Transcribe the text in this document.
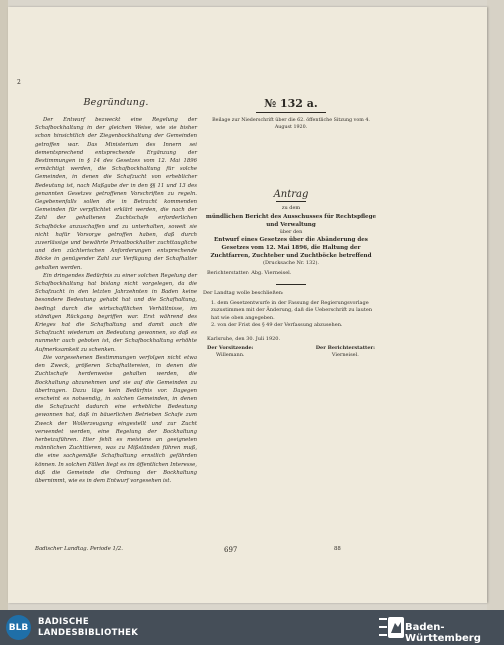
2
Begründung.

Der Entwurf bezweckt eine Regelung der Schafbockhaltung in der gleichen Weise, wie sie bisher schon hinsichtlich der Ziegenbockhaltung der Gemeinden getroffen war. Das Ministerium des Innern sei dementsprechend entsprechende Ergänzung der Bestimmungen in § 14 des Gesetzes vom 12. Mai 1896 ermächtigt werden, die Schafbockhaltung für solche Gemeinden, in denen die Schafzucht von erheblicher Bedeutung ist, nach Maßgabe der in den §§ 11 und 13 des genannten Gesetzes getroffenen Vorschriften zu regeln. Gegebenenfalls sollen die in Betracht kommenden Gemeinden für verpflichtet erklärt werden, die nach der Zahl der gehaltenen Zuchtschafe erforderlichen Schafböcke anzuschaffen und zu unterhalten, soweit sie nicht hafür Vorsorge getroffen haben, daß durch zuverlässige und bewährte Privatbockhalter zuchttaugliche und den züchterischen Anforderungen entsprechende Böcke in genügender Zahl zur Verfügung der Schafhalter gehalten werden.

Ein dringendes Bedürfnis zu einer solchen Regelung der Schafbockhaltung hat bislang nicht vorgelegen, da die Schafzucht in den letzten Jahrzehnten in Baden keine besondere Bedeutung gehabt hat und die Schafhaltung, bedingt durch die wirtschaftlichen Verhältnisse, im ständigen Rückgang begriffen war. Erst während des Krieges hat die Schafhaltung und damit auch die Schafzucht wiederum an Bedeutung gewonnen, so daß es nunmehr auch geboten ist, der Schafbockhaltung erhöhte Aufmerksamkeit zu schenken.

Die vorgesehenen Bestimmungen verfolgen nicht etwa den Zweck, größeren Schafhaltereien, in denen die Zuchtschafe herdenweise gehalten werden, die Bockhaltung abzunehmen und sie auf die Gemeinden zu übertragen. Dazu läge kein Bedürfnis vor. Dagegen erscheint es notwendig, in solchen Gemeinden, in denen die Schafzucht dadurch eine erhebliche Bedeutung gewonnen hat, daß in bäuerlichen Betrieben Schafe zum Zweck der Wollerzeugung eingestellt und zur Zucht verwendet werden, eine Regelung der Bockhaltung herbeizuführen. Hier fehlt es meistens an geeigneten männlichen Zuchttieren, was zu Mißständen führen muß, die eine sachgemäße Schafhaltung ernstlich gefährden können. In solchen Fällen liegt es im öffentlichen Interesse, daß die Gemeinde die Ordnung der Bockhaltung übernimmt, wie es in dem Entwurf vorgesehen ist.

№ 132 a.

Beilage zur Niederschrift über die 62. öffentliche Sitzung vom 4. August 1920.

Antrag

zu dem

mündlichen Bericht des Ausschusses für Rechtspflege und Verwaltung

über den

Entwurf eines Gesetzes über die Abänderung des Gesetzes vom 12. Mai 1896, die Haltung der Zuchtfarren, Zuchteber und Zuchtböcke betreffend

(Drucksache Nr. 132).

Berichterstatter: Abg. Vierneisel.

Der Landtag wolle beschließen:

1. dem Gesetzentwurfe in der Fassung der Regierungsvorlage zuzustimmen mit der Änderung, daß die Ueberschrift zu lauten hat wie oben angegeben.

2. von der Frist des § 49 der Verfassung abzusehen.

Karlsruhe, den 30. Juli 1920.

Der Vorsitzende:
Willemann.
Der Berichterstatter:
Vierneisel.
Badischer Landtag. Periode 1/2.	697	88
BLB
BADISCHE
LANDESBIBLIOTHEK	Baden-Württemberg
